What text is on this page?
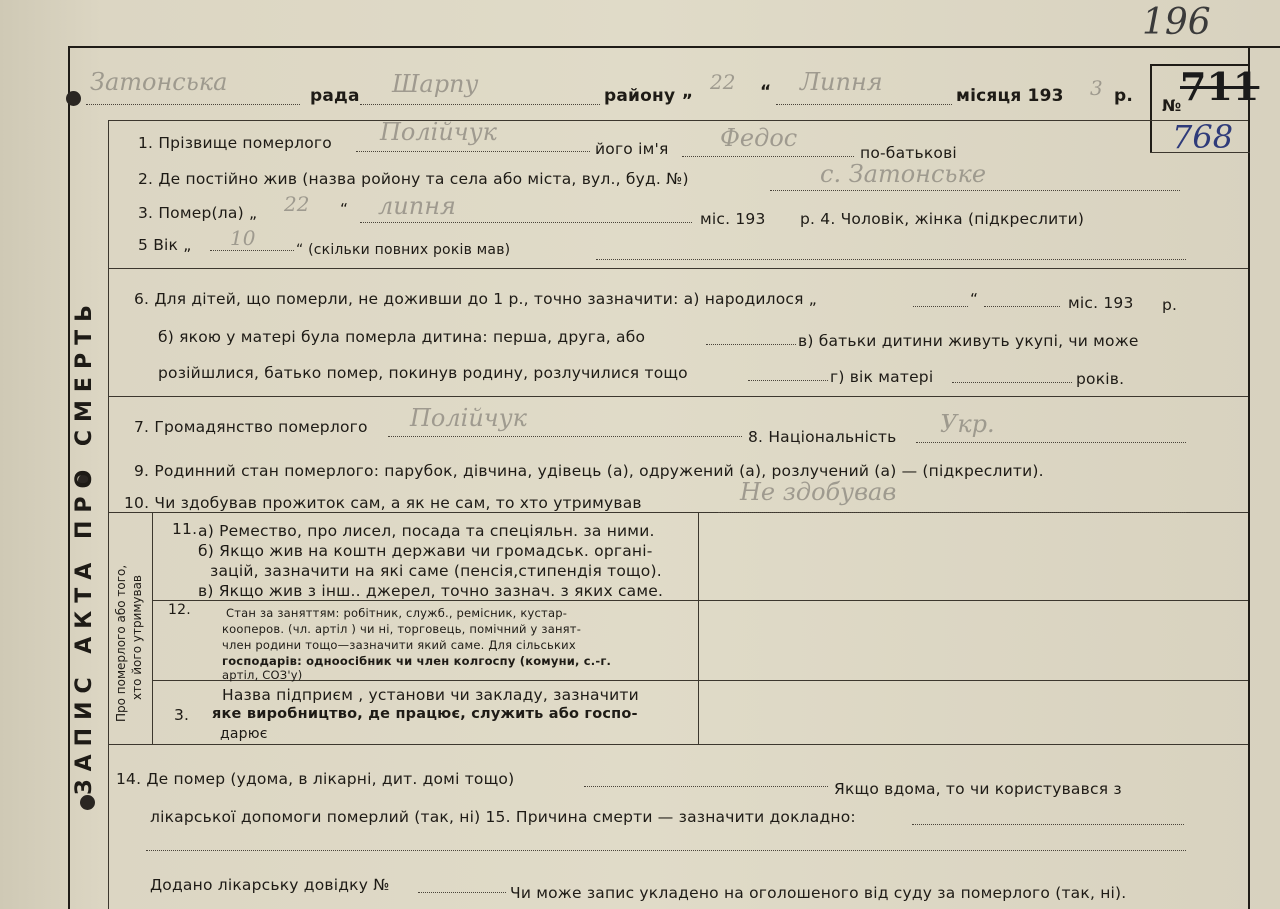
196
ЗАПИС АКТА ПРО СМЕРТЬ
Затонська	рада Шарпу	району „ 22 “ Липня	місяця 193 3 р. №
711
768
1. Прізвище померлого Полійчук
його ім'я Федос
по-батькові
2. Де постійно жив (назва ройону та села або міста, вул., буд. №)	с. Затонське
3. Помер(ла) „ 22 “ липня	міс. 193 р. 4. Чоловік, жінка (підкреслити)
5 Вік „ 10	“ (скільки повних років мав)
6. Для дітей, що померли, не доживши до 1 р., точно зазначити: а) народилося „	“	міс. 193 р.
б) якою у матері була померла дитина: перша, друга, або	в) батьки дитини живуть укупі, чи може
розійшлися, батько помер, покинув родину, розлучилися тощо	г) вік матері	років.
7. Громадянство померлого Полійчук
8. Національність Укр.
9. Родинний стан померлого: парубок, дівчина, удівець (а), одружений (а), розлучений (а) — (підкреслити).
10. Чи здобував прожиток сам, а як не сам, то хто утримував	Не здобував
Про померлого або того, хто його утримував
11. а) Ремество, про лисел, посада та спеціяльн. за ними.
б) Якщо жив на коштн держави чи громадськ. органі-
зацій, зазначити на які саме (пенсія,стипендія тощо).
в) Якщо жив з інш.. джерел, точно зазнач. з яких саме.
12.	Стан за заняттям: робітник, служб., ремісник, кустар-
кооперов. (чл. артіл ) чи ні, торговець, помічний у занят-
член родини тощо—зазначити який саме. Для сільських
господарів: одноосібник чи член колгоспу (комуни, с.-г.
артіл, СОЗ'у)
3.
Назва підприєм , установи чи закладу, зазначити
яке виробництво, де працює, служить або госпо-
дарює
14. Де помер (удома, в лікарні, дит. домі тощо)
Якщо вдома, то чи користувався з
лікарської допомоги померлий (так, ні) 15. Причина смерти — зазначити докладно:
Додано лікарську довідку №	Чи може запис укладено на оголошеного від суду за померлого (так, ні).
